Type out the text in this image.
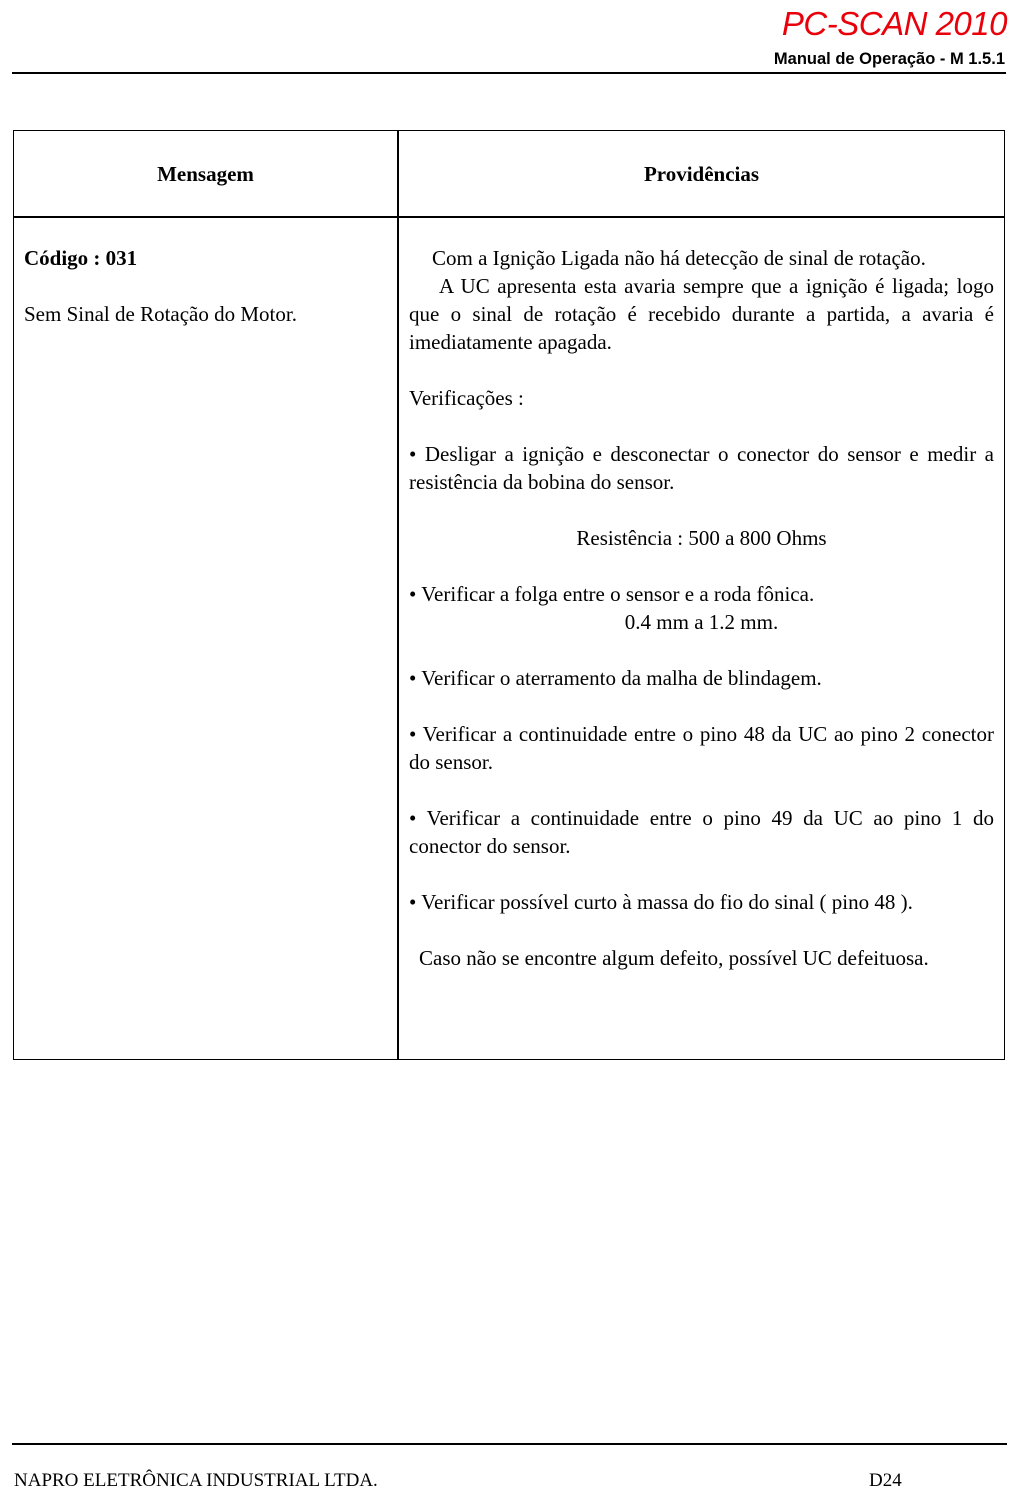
PC-SCAN 2010
Manual de Operação - M 1.5.1
Mensagem	Providências
Código : 031
Sem Sinal de Rotação do Motor.

Com a Ignição Ligada não há detecção de sinal de rotação.

A UC apresenta esta avaria sempre que a ignição é ligada; logo que o sinal de rotação é recebido durante a partida, a avaria é imediatamente apagada.

Verificações :

• Desligar a ignição e desconectar o conector do sensor e medir a resistência da bobina do sensor.

Resistência : 500 a 800 Ohms

• Verificar a folga entre o sensor e a roda fônica.

0.4 mm a 1.2 mm.

• Verificar o aterramento da malha de blindagem.

• Verificar a continuidade entre o pino 48 da UC ao pino 2 conector do sensor.

• Verificar a continuidade entre o pino 49 da UC ao pino 1 do conector do sensor.

• Verificar possível curto à massa do fio do sinal ( pino 48 ).

Caso não se encontre algum defeito, possível UC defeituosa.

NAPRO ELETRÔNICA INDUSTRIAL LTDA.	D24
